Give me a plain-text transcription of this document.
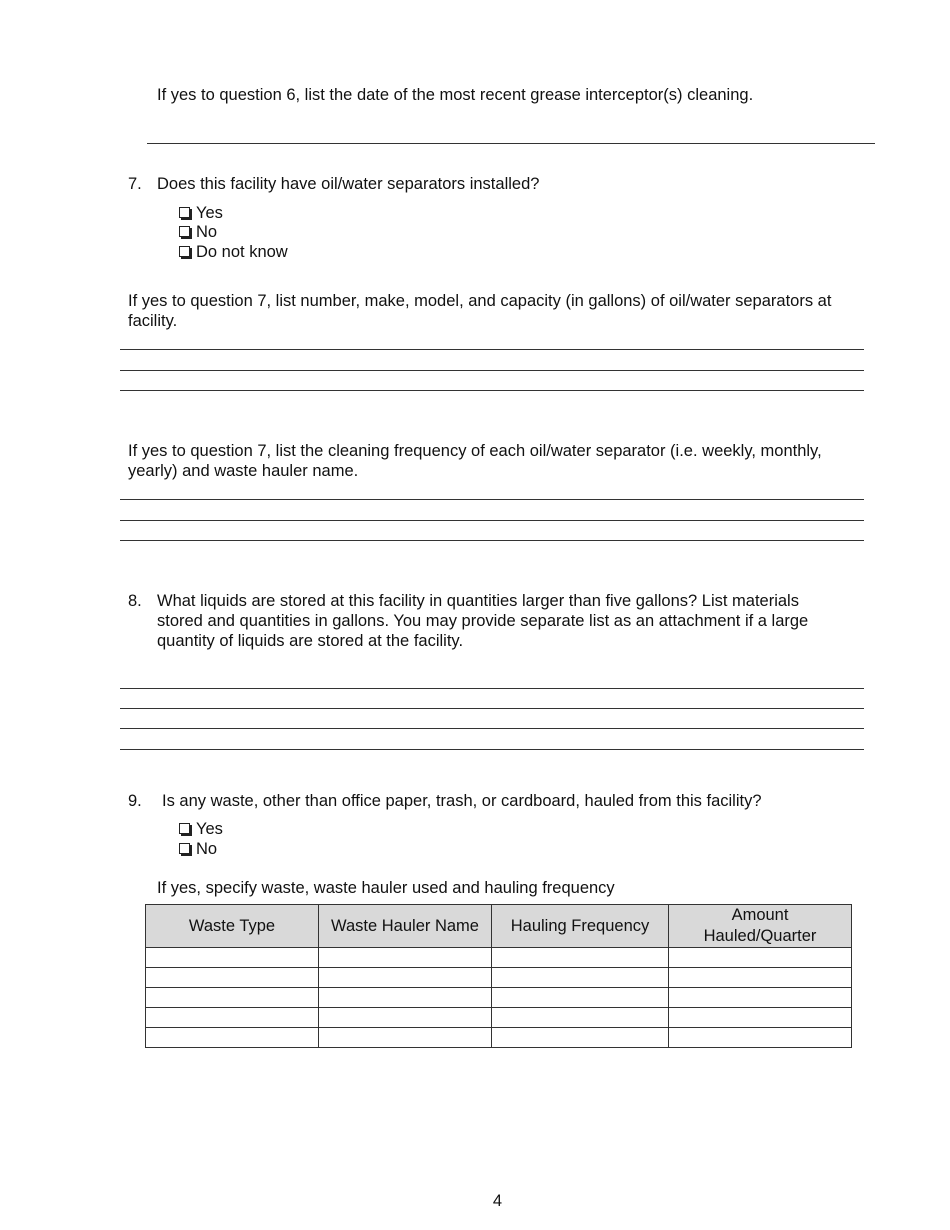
If yes to question 6, list the date of the most recent grease interceptor(s) cleaning.
7. Does this facility have oil/water separators installed?
Yes
No
Do not know
If yes to question 7, list number, make, model, and capacity (in gallons) of oil/water separators at facility.
If yes to question 7, list the cleaning frequency of each oil/water separator (i.e. weekly, monthly, yearly) and waste hauler name.
8. What liquids are stored at this facility in quantities larger than five gallons? List materials stored and quantities in gallons. You may provide separate list as an attachment if a large quantity of liquids are stored at the facility.
9. Is any waste, other than office paper, trash, or cardboard, hauled from this facility?
Yes
No
If yes, specify waste, waste hauler used and hauling frequency
Waste Type	Waste Hauler Name	Hauling Frequency	Amount Hauled/Quarter

4
